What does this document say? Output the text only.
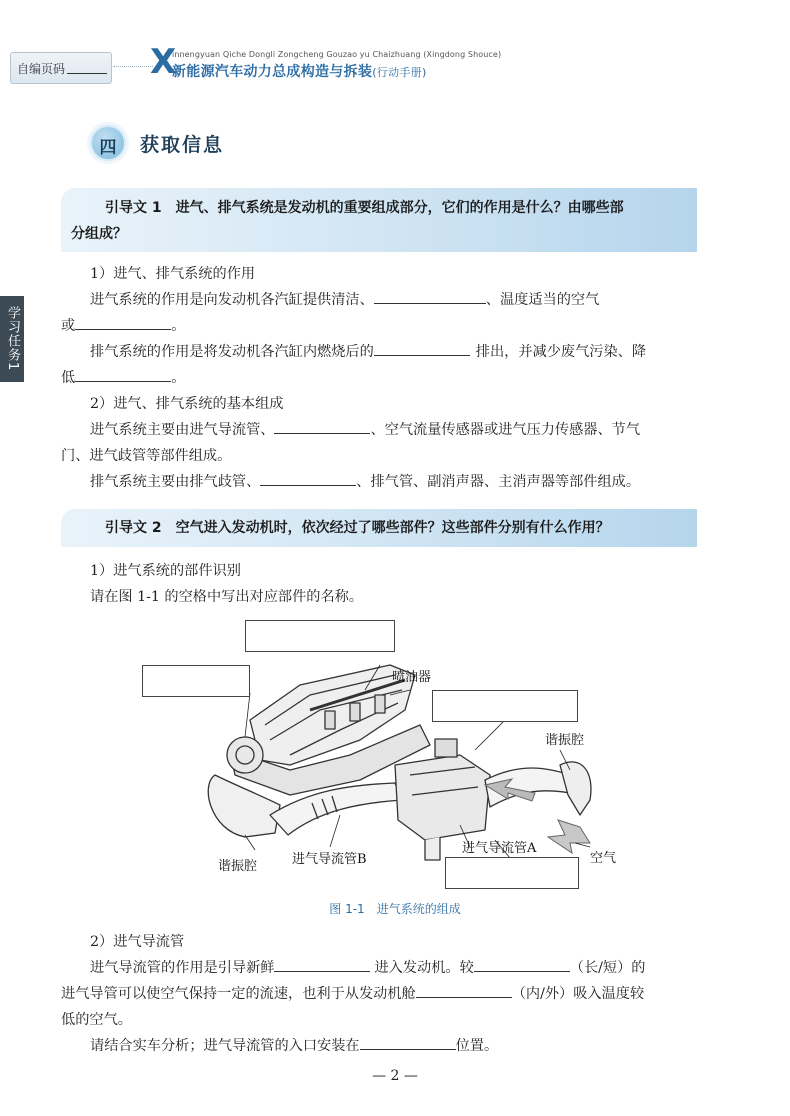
自编页码 X
innengyuan Qiche Dongli Zongcheng Gouzao yu Chaizhuang (Xingdong Shouce)
新能源汽车动力总成构造与拆装(行动手册)
学习任务1
四	获取信息
引导文 1 进气、排气系统是发动机的重要组成部分，它们的作用是什么？由哪些部
分组成？
1）进气、排气系统的作用
进气系统的作用是向发动机各汽缸提供清洁、	、温度适当的空气
或	。
排气系统的作用是将发动机各汽缸内燃烧后的	排出，并减少废气污染、降
低	。
2）进气、排气系统的基本组成
进气系统主要由进气导流管、	、空气流量传感器或进气压力传感器、节气
门、进气歧管等部件组成。
排气系统主要由排气歧管、	、排气管、副消声器、主消声器等部件组成。
引导文 2 空气进入发动机时，依次经过了哪些部件？这些部件分别有什么作用？
1）进气系统的部件识别
请在图 1-1 的空格中写出对应部件的名称。
喷油器
谐振腔
谐振腔	进气导流管B
进气导流管A
空气
图 1-1　进气系统的组成
2）进气导流管
进气导流管的作用是引导新鲜	进入发动机。较	（长/短）的
进气导管可以使空气保持一定的流速，也利于从发动机舱	（内/外）吸入温度较
低的空气。
请结合实车分析；进气导流管的入口安装在	位置。
— 2 —
